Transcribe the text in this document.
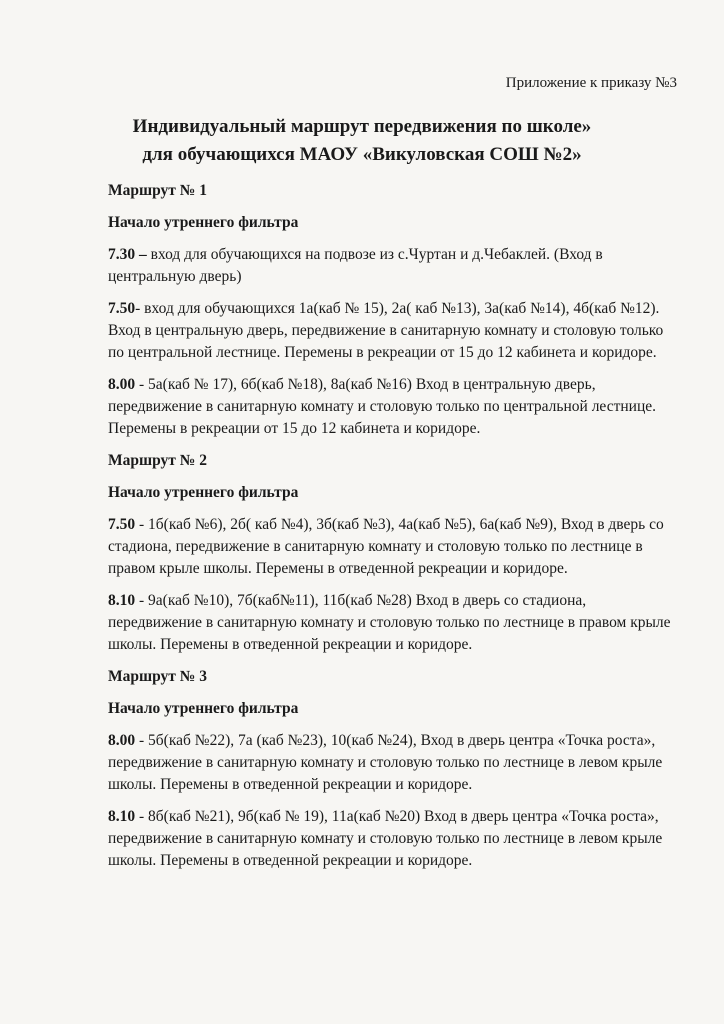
Приложение к приказу №3
Индивидуальный маршрут передвижения по школе»
для обучающихся МАОУ «Викуловская СОШ №2»
Маршрут № 1
Начало утреннего фильтра

7.30 – вход для обучающихся на подвозе из с.Чуртан и д.Чебаклей. (Вход в центральную дверь)

7.50- вход для обучающихся 1а(каб № 15), 2а( каб №13), 3а(каб №14), 4б(каб №12). Вход в центральную дверь, передвижение в санитарную комнату и столовую только по центральной лестнице. Перемены в рекреации от 15 до 12 кабинета и коридоре.

8.00 - 5а(каб № 17), 6б(каб №18), 8а(каб №16) Вход в центральную дверь, передвижение в санитарную комнату и столовую только по центральной лестнице. Перемены в рекреации от 15 до 12 кабинета и коридоре.

Маршрут № 2
Начало утреннего фильтра

7.50 - 1б(каб №6), 2б( каб №4), 3б(каб №3), 4а(каб №5), 6а(каб №9), Вход в дверь со стадиона, передвижение в санитарную комнату и столовую только по лестнице в правом крыле школы. Перемены в отведенной рекреации и коридоре.

8.10 - 9а(каб №10), 7б(каб№11), 11б(каб №28) Вход в дверь со стадиона, передвижение в санитарную комнату и столовую только по лестнице в правом крыле школы. Перемены в отведенной рекреации и коридоре.

Маршрут № 3
Начало утреннего фильтра

8.00 - 5б(каб №22), 7а (каб №23), 10(каб №24), Вход в дверь центра «Точка роста», передвижение в санитарную комнату и столовую только по лестнице в левом крыле школы. Перемены в отведенной рекреации и коридоре.

8.10 - 8б(каб №21), 9б(каб № 19), 11а(каб №20) Вход в дверь центра «Точка роста», передвижение в санитарную комнату и столовую только по лестнице в левом крыле школы. Перемены в отведенной рекреации и коридоре.
